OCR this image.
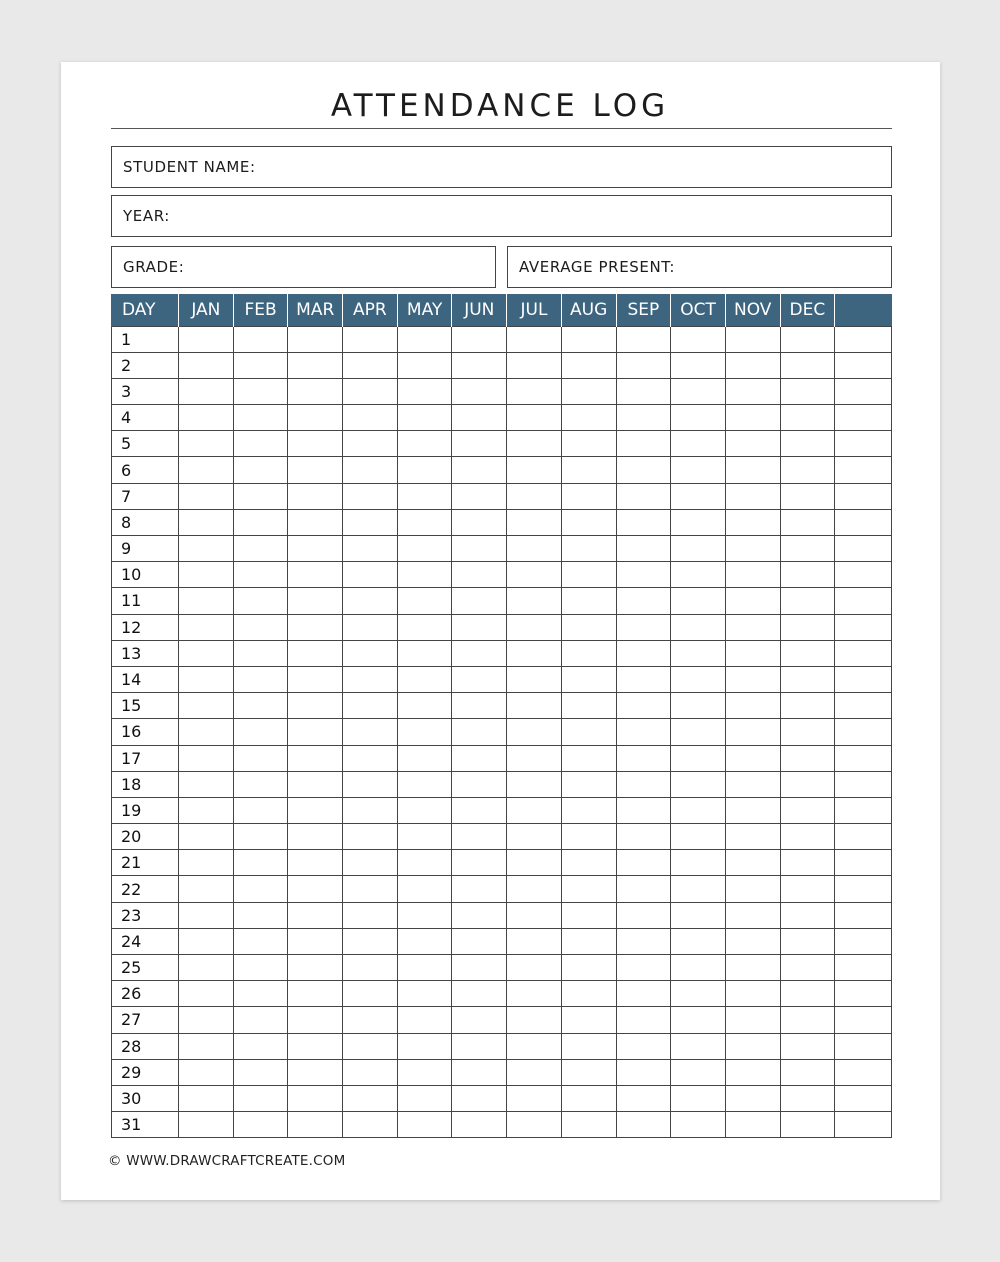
ATTENDANCE LOG
STUDENT NAME:
YEAR:
GRADE:	AVERAGE PRESENT:
DAY	JAN	FEB	MAR	APR	MAY	JUN	JUL	AUG	SEP	OCT	NOV	DEC	
1													
2													
3													
4													
5													
6													
7													
8													
9													
10													
11													
12													
13													
14													
15													
16													
17													
18													
19													
20													
21													
22													
23													
24													
25													
26													
27													
28													
29													
30													
31													
© WWW.DRAWCRAFTCREATE.COM
